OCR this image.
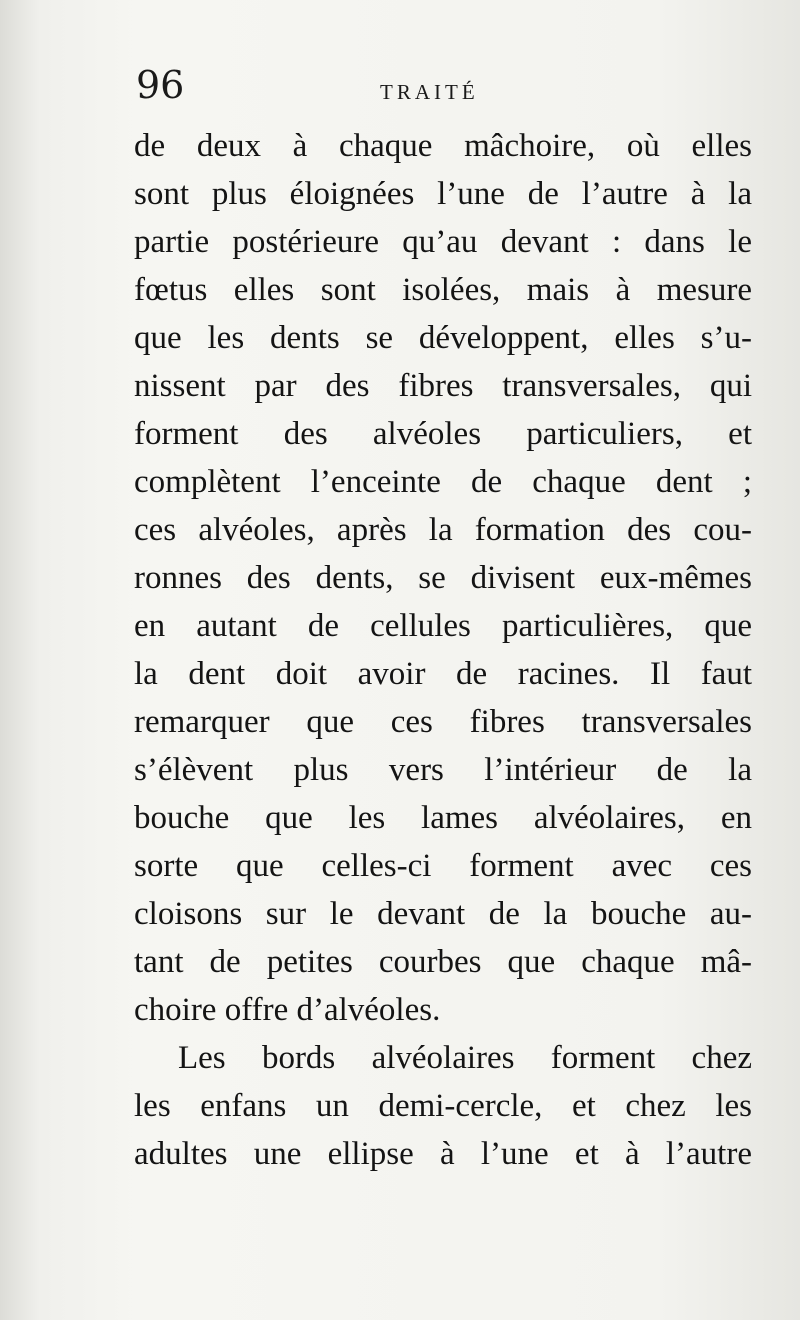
96	TRAITÉ
de deux à chaque mâchoire, où elles
sont plus éloignées l’une de l’autre à la
partie postérieure qu’au devant : dans le
fœtus elles sont isolées, mais à mesure
que les dents se développent, elles s’u-
nissent par des fibres transversales, qui
forment des alvéoles particuliers, et
complètent l’enceinte de chaque dent ;
ces alvéoles, après la formation des cou-
ronnes des dents, se divisent eux-mêmes
en autant de cellules particulières, que
la dent doit avoir de racines. Il faut
remarquer que ces fibres transversales
s’élèvent plus vers l’intérieur de la
bouche que les lames alvéolaires, en
sorte que celles-ci forment avec ces
cloisons sur le devant de la bouche au-
tant de petites courbes que chaque mâ-
choire offre d’alvéoles.
Les bords alvéolaires forment chez
les enfans un demi-cercle, et chez les
adultes une ellipse à l’une et à l’autre
